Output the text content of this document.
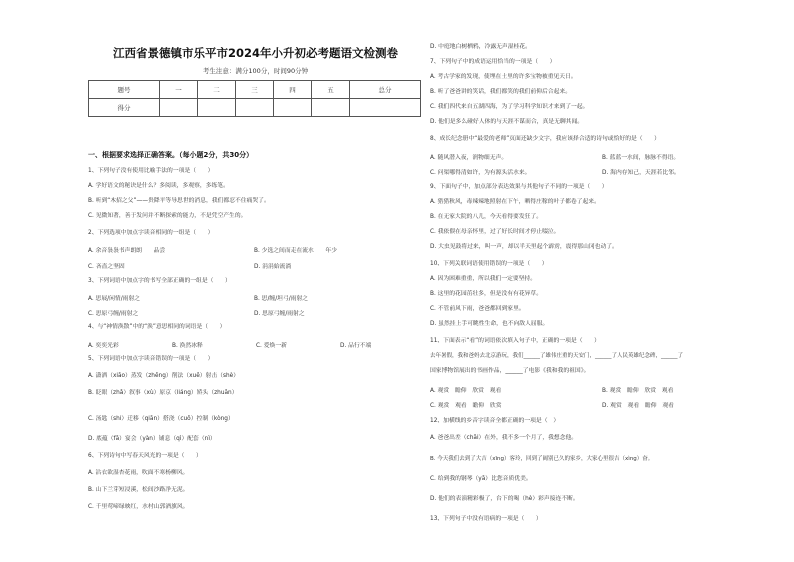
江西省景德镇市乐平市2024年小升初必考题语文检测卷
考生注意：满分100分，时间90分钟
题号	一	二	三	四	五	总分
得分						
一、根据要求选择正确答案。（每小题2分，共30分）
1、下列句子没有使用比喻手法的一项是（　　）
A. 学好语文的秘诀是什么？多阅读，多观察，多练笔。
B. 听到“木招之父”——贵降平等导思世的消息，我们都忍不住痛哭了。
C. 见微知著，善于发问并不断探索的能力，不是凭空产生的。
2、下列选项中加点字读音相同的一组是（　　）
A. 余音袅袅书声朗朗　　品尝	B. 少选之间而走在流水　　年少
C. 吝啬之坚固	D. 涓涓始流淌
3、下列词语中加点字的书写全部正确的一组是（　　）
A. 思展/闲情/雨射之	B. 思/缠/坦弓/雨射之
C. 思原弓缠/雨射之	D. 思原弓缠/雨射之
4、与“神情涣散”中的“涣”意思相同的词语是（　　）
A. 奕奕光彩	B. 涣然冰释	C. 爱焕一新	D. 品行不端
5、下列词语中加点字读音错误的一项是（　　）
A. 潇洒（xiāo）蒸发（zhēng）削法（xuē）射击（shè）
B. 眨眼（zhǎ）叙事（xù）原京（liáng）矫头（zhuān）
C. 汤匙（shi）迁移（qiān）搭浇（cuō）控制（kòng）
D. 底蕴（fā）宴会（yàn）铺息（qì）配套（nì）
6、下列诗句中写春天风光的一项是（　　）
A. 沾衣欲湿杏花雨，吹面不寒杨柳风。
B. 山下兰芽短浸溪，松间沙路净无泥。
C. 千里莺啼绿映红，水村山郭酒旗风。
D. 中庭地白树栖鸦，冷露无声湿桂花。
7、下列句子中的成语运用恰当的一项是（　　）
A. 考古学家的发现，使埋在土里的许多宝物被重见天日。
B. 听了爸爸讲的笑话，我们都笑的我们前仰后合起来。
C. 我们四代来自五湖四海，为了学习科学知识才来到了一起。
D. 他们是多么碰好人体的与天涯不谋而合，真是无聊其闻。
8、成长纪念册中“最爱的老师”页面还缺少文字，我应该择合适的诗句或恰好的是（　　）
A. 随风潜入夜，润物细无声。	B. 蓝蓝一水间，脉脉不得语。
C. 问渠哪得清如许，为有源头活水来。	D. 海内存知己，天涯若比邻。
9、下面句子中，加点部分表达效果与其他句子不同的一项是（　　）
A. 猎猎秋风，毒辣辣地照射在下午，晒得庄稼的叶子都卷了起来。
B. 在无家大院的八儿，今天看得要发狂了。
C. 我依偎在母亲怀里，过了好长时间才停止啜泣。
D. 大虫见鼓将过来，叫一声，却以半天里起个霹雳，震得那山冈也动了。
10、下列关联词语使用错误的一项是（　　）
A. 因为困难重重，所以我们一定要坚持。
B. 这里的花园茁壮多，但是没有有花异草。
C. 不管前风下雨，爸爸都回到家里。
D. 虽然挂上手可眺性生命，也不向敌人屈服。
11、下面表示“看”的词语依次填入句子中，正确的一项是（　　）
去年暑假，我和爸妈去北京游玩，我们______了雄伟庄重的天安门，______了人民英雄纪念碑，______了
国家博物馆展出的书画作品，______了电影《我和我的祖国》。
A. 观赏　瞻仰　欣赏　观看	B. 观赏　瞻仰　欣赏　观看
C. 观赏　观看　瞻仰　欣赏	D. 观赏　观看　瞻仰　观看
12、加横线的乡音字读音全都正确的一项是（　）
A. 爸爸出差（chāi）在外，我不多一个月了，我想念他。
B. 今天我们去到了大吉（xīng）客玲，回到了阔别已久的家乡，大家心里很吉（xìng）奋。
C. 给到我的钢琴（yā）比您音质优美。
D. 他们的表演精彩极了，台下的喝（hè）彩声接连不断。
13、下列句子中没有语病的一项是（　　）
3、下列对仗句一组是（　　）
